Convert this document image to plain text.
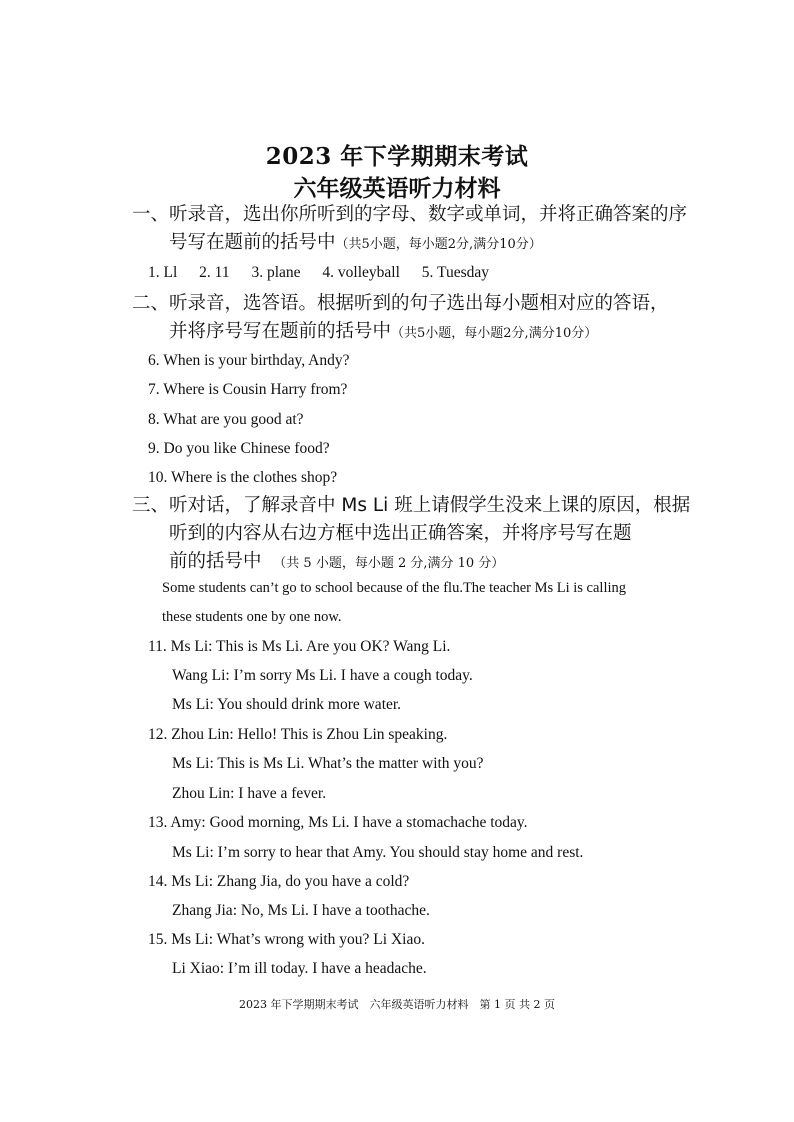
2023 年下学期期末考试
六年级英语听力材料
一、听录音，选出你所听到的字母、数字或单词，并将正确答案的序
号写在题前的括号中（共5小题，每小题2分,满分10分）
1. Ll 2. 11 3. plane 4. volleyball 5. Tuesday
二、听录音，选答语。根据听到的句子选出每小题相对应的答语，
并将序号写在题前的括号中（共5小题，每小题2分,满分10分）
6. When is your birthday, Andy?
7. Where is Cousin Harry from?
8. What are you good at?
9. Do you like Chinese food?
10. Where is the clothes shop?
三、听对话，了解录音中 Ms Li 班上请假学生没来上课的原因，根据
听到的内容从右边方框中选出正确答案，并将序号写在题
前的括号中 （共 5 小题，每小题 2 分,满分 10 分）
Some students can’t go to school because of the flu.The teacher Ms Li is calling
these students one by one now.
11. Ms Li: This is Ms Li. Are you OK? Wang Li.
Wang Li: I’m sorry Ms Li. I have a cough today.
Ms Li: You should drink more water.
12. Zhou Lin: Hello! This is Zhou Lin speaking.
Ms Li: This is Ms Li. What’s the matter with you?
Zhou Lin: I have a fever.
13. Amy: Good morning, Ms Li. I have a stomachache today.
Ms Li: I’m sorry to hear that Amy. You should stay home and rest.
14. Ms Li: Zhang Jia, do you have a cold?
Zhang Jia: No, Ms Li. I have a toothache.
15. Ms Li: What’s wrong with you? Li Xiao.
Li Xiao: I’m ill today. I have a headache.
2023 年下学期期末考试　六年级英语听力材料　第 1 页 共 2 页
